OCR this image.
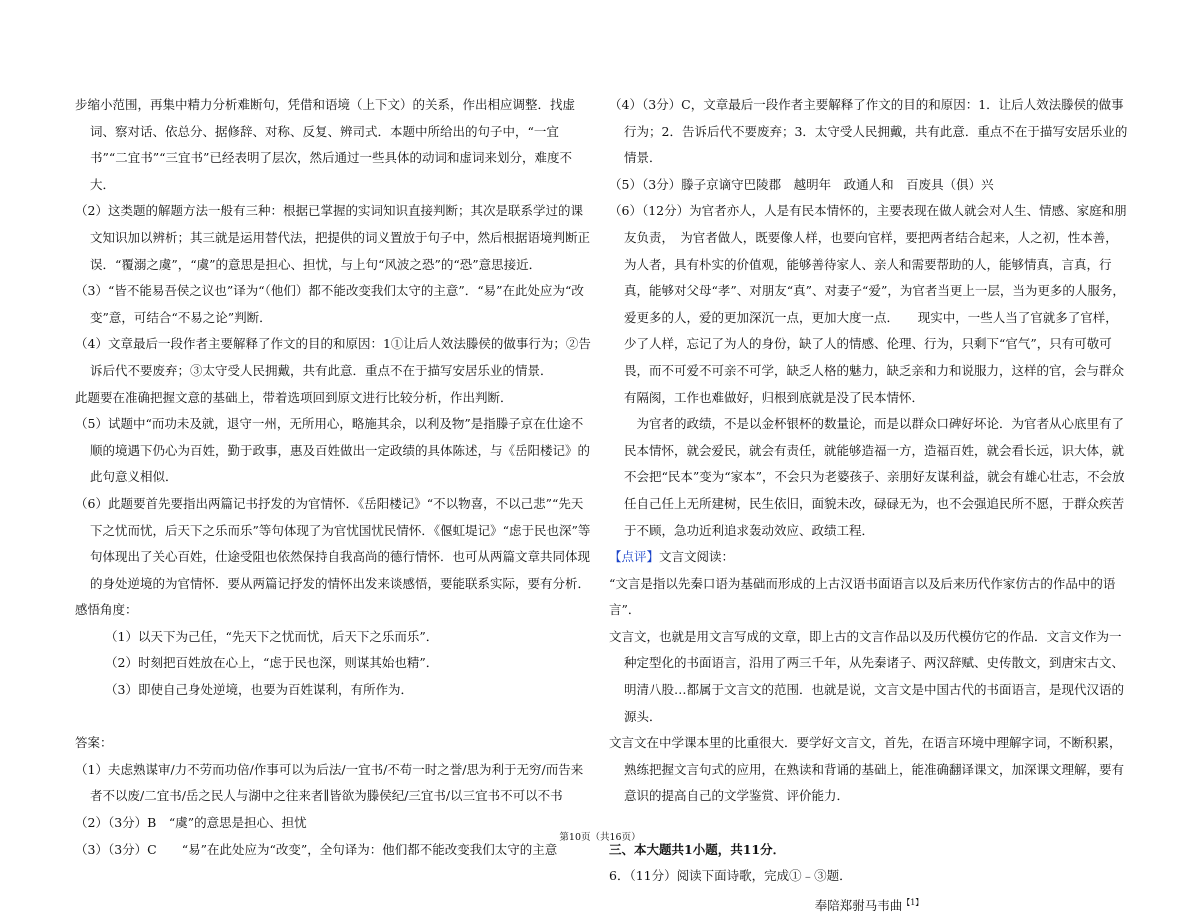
步缩小范围，再集中精力分析难断句，凭借和语境（上下文）的关系，作出相应调整．找虚词、察对话、依总分、据修辞、对称、反复、辨司式．本题中所给出的句子中，“一宜书”“二宜书”“三宜书”已经表明了层次，然后通过一些具体的动词和虚词来划分，难度不大．
（2）这类题的解题方法一般有三种：根据已掌握的实词知识直接判断；其次是联系学过的课文知识加以辨析；其三就是运用替代法，把提供的词义置放于句子中，然后根据语境判断正误．“覆溺之虞”，“虞”的意思是担心、担忧，与上句“风波之恐”的“恐”意思接近．
（3）“皆不能易吾侯之议也”译为“（他们）都不能改变我们太守的主意”．“易”在此处应为“改变”意，可结合“不易之论”判断．
（4）文章最后一段作者主要解释了作文的目的和原因：1①让后人效法滕侯的做事行为；②告诉后代不要废弃；③太守受人民拥戴，共有此意．重点不在于描写安居乐业的情景．
此题要在准确把握文意的基础上，带着选项回到原文进行比较分析，作出判断．
（5）试题中“而功未及就，退守一州，无所用心，略施其余，以利及物”是指滕子京在仕途不顺的境遇下仍心为百姓，勤于政事，惠及百姓做出一定政绩的具体陈述，与《岳阳楼记》的此句意义相似．
（6）此题要首先要指出两篇记书抒发的为官情怀．《岳阳楼记》“不以物喜，不以己悲”“先天下之忧而忧，后天下之乐而乐”等句体现了为官忧国忧民情怀．《偃虹堤记》“虑于民也深”等句体现出了关心百姓，仕途受阻也依然保持自我高尚的德行情怀．也可从两篇文章共同体现的身处逆境的为官情怀．要从两篇记抒发的情怀出发来谈感悟，要能联系实际，要有分析．
感悟角度：
（1）以天下为己任，“先天下之忧而忧，后天下之乐而乐”．
（2）时刻把百姓放在心上，“虑于民也深，则谋其始也精”．
（3）即使自己身处逆境，也要为百姓谋利，有所作为．
答案：
（1）夫虑熟谋审/力不劳而功倍/作事可以为后法/一宜书/不苟一时之誉/思为利于无穷/而告来者不以废/二宜书/岳之民人与湖中之往来者∥皆欲为滕侯纪/三宜书/以三宜书不可以不书
（2）（3分）B　“虞”的意思是担心、担忧
（3）（3分）C　　“易”在此处应为“改变”，全句译为：他们都不能改变我们太守的主意
（4）（3分）C，文章最后一段作者主要解释了作文的目的和原因：1．让后人效法滕侯的做事行为；2．告诉后代不要废弃；3．太守受人民拥戴，共有此意．重点不在于描写安居乐业的情景．
（5）（3分）滕子京谪守巴陵郡　越明年　政通人和　百废具（俱）兴
（6）（12分）为官者亦人，人是有民本情怀的，主要表现在做人就会对人生、情感、家庭和朋友负责，　为官者做人，既要像人样，也要向官样，要把两者结合起来，人之初，性本善，为人者，具有朴实的价值观，能够善待家人、亲人和需要帮助的人，能够情真，言真，行真，能够对父母“孝”、对朋友“真”、对妻子“爱”，为官者当更上一层，当为更多的人服务，爱更多的人，爱的更加深沉一点，更加大度一点．　　现实中，一些人当了官就多了官样，少了人样，忘记了为人的身份，缺了人的情感、伦理、行为，只剩下“官气”，只有可敬可畏，而不可爱不可亲不可学，缺乏人格的魅力，缺乏亲和力和说服力，这样的官，会与群众有隔阂，工作也难做好，归根到底就是没了民本情怀．
　为官者的政绩，不是以金杯银杯的数量论，而是以群众口碑好坏论．为官者从心底里有了民本情怀，就会爱民，就会有责任，就能够造福一方，造福百姓，就会看长远，识大体，就不会把“民本”变为“家本”，不会只为老婆孩子、亲朋好友谋利益，就会有雄心壮志，不会放任自己任上无所建树，民生依旧，面貌未改，碌碌无为，也不会强追民所不愿，于群众疾苦于不顾，急功近利追求轰动效应、政绩工程．
【点评】文言文阅读：
“文言是指以先秦口语为基础而形成的上古汉语书面语言以及后来历代作家仿古的作品中的语言”．
文言文，也就是用文言写成的文章，即上古的文言作品以及历代模仿它的作品．文言文作为一种定型化的书面语言，沿用了两三千年，从先秦诸子、两汉辞赋、史传散文，到唐宋古文、明清八股…都属于文言文的范围．也就是说，文言文是中国古代的书面语言，是现代汉语的源头．
文言文在中学课本里的比重很大．要学好文言文，首先，在语言环境中理解字词，不断积累，熟练把握文言句式的应用，在熟读和背诵的基础上，能准确翻译课文，加深课文理解，要有意识的提高自己的文学鉴赏、评价能力．
三、本大题共1小题，共11分．
6．（11分）阅读下面诗歌，完成①﹣③题．
奉陪郑驸马韦曲$^{【1】}$
第10页（共16页）
